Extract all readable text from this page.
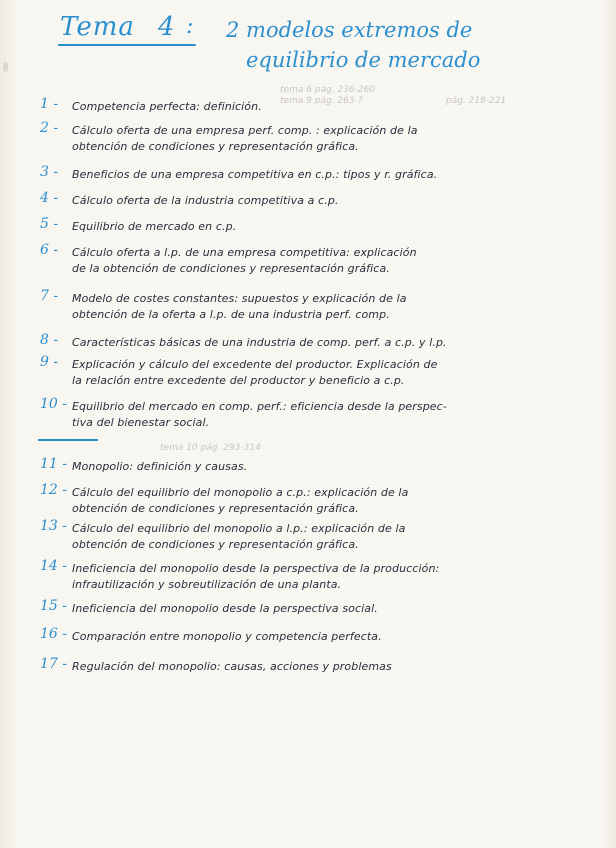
Tema 4 : 2 modelos extremos de
equilibrio de mercado
tema 6 pág. 236-260
tema 9 pág. 263-?	pág. 218-221
tema 10 pág. 293-314
1 - Competencia perfecta: definición.
2 - Cálculo oferta de una empresa perf. comp. : explicación de la
obtención de condiciones y representación gráfica.
3 - Beneficios de una empresa competitiva en c.p.: tipos y r. gráfica.
4 - Cálculo oferta de la industria competitiva a c.p.
5 - Equilibrio de mercado en c.p.
6 - Cálculo oferta a l.p. de una empresa competitiva: explicación
de la obtención de condiciones y representación gráfica.
7 - Modelo de costes constantes: supuestos y explicación de la
obtención de la oferta a l.p. de una industria perf. comp.
8 - Características básicas de una industria de comp. perf. a c.p. y l.p.
9 - Explicación y cálculo del excedente del productor. Explicación de
la relación entre excedente del productor y beneficio a c.p.
10 - Equilibrio del mercado en comp. perf.: eficiencia desde la perspec-
tiva del bienestar social.
11 - Monopolio: definición y causas.
12 - Cálculo del equilibrio del monopolio a c.p.: explicación de la
obtención de condiciones y representación gráfica.
13 - Cálculo del equilibrio del monopolio a l.p.: explicación de la
obtención de condiciones y representación gráfica.
14 - Ineficiencia del monopolio desde la perspectiva de la producción:
infrautilización y sobreutilización de una planta.
15 - Ineficiencia del monopolio desde la perspectiva social.
16 - Comparación entre monopolio y competencia perfecta.
17 - Regulación del monopolio: causas, acciones y problemas
